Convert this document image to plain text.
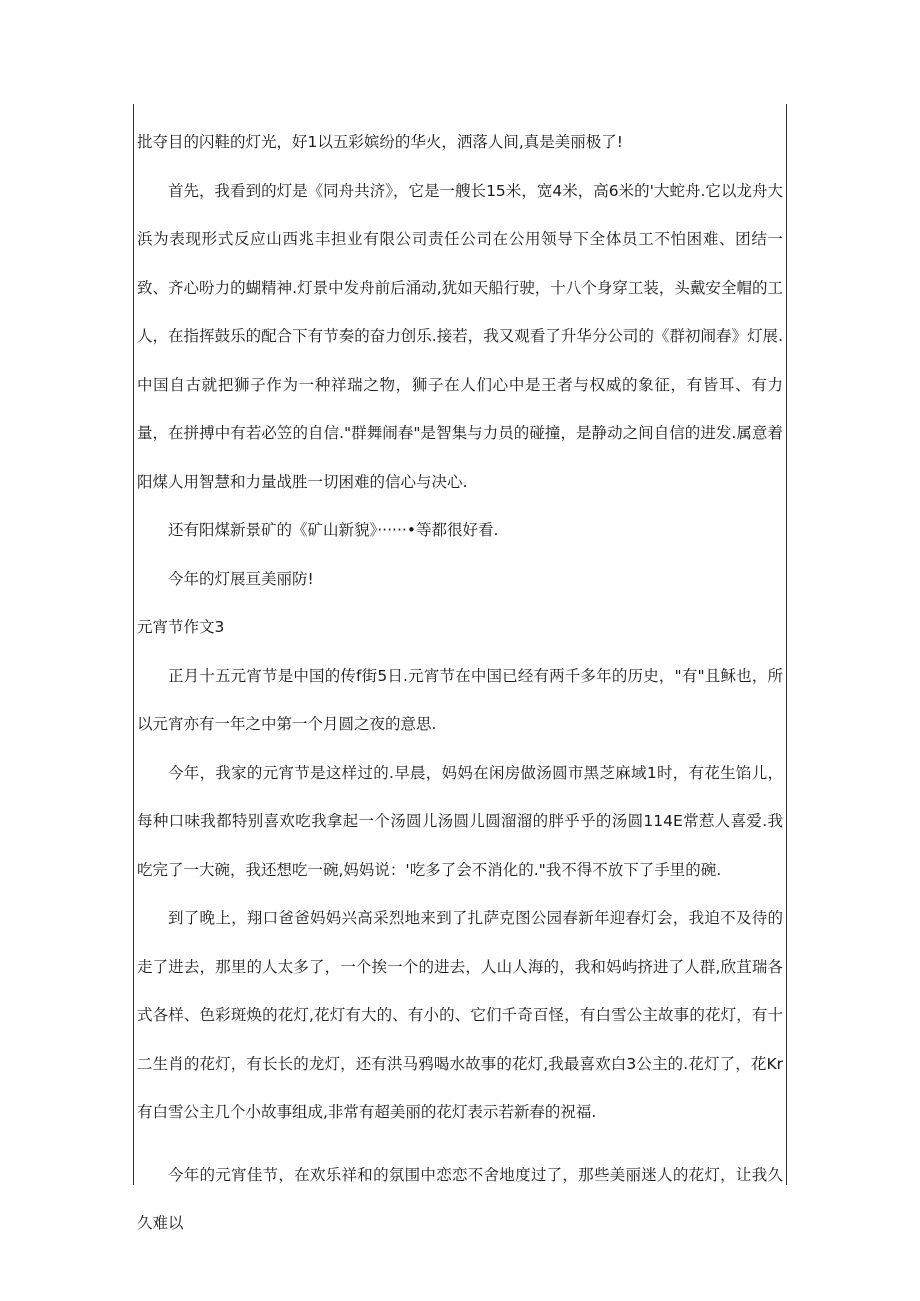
批夺目的闪鞋的灯光，好1以五彩嫔纷的华火，洒落人间,真是美丽极了!

首先，我看到的灯是《同舟共济》，它是一艘长15米，宽4米，高6米的'大蛇舟.它以龙舟大浜为表现形式反应山西兆丰担业有限公司责任公司在公用领导下全体员工不怕困难、团结一致、齐心吩力的蝴精神.灯景中发舟前后涌动,犹如天船行驶，十八个身穿工装，头戴安全帽的工人，在指挥鼓乐的配合下有节奏的奋力创乐.接若，我又观看了升华分公司的《群初闹春》灯展.中国自古就把狮子作为一种祥瑞之物，狮子在人们心中是王者与权威的象征，有皆耳、有力量，在拼搏中有若必笠的自信."群舞闹春"是智集与力员的碰撞，是静动之间自信的进发.属意着阳煤人用智慧和力量战胜一切困难的信心与决心.

还有阳煤新景矿的《矿山新貌》······•等都很好看.

今年的灯展亘美丽防!

元宵节作文3

正月十五元宵节是中国的传f街5日.元宵节在中国已经有两千多年的历史，"有"且稣也，所以元宵亦有一年之中第一个月圆之夜的意思.

今年，我家的元宵节是这样过的.早晨，妈妈在闲房做汤圆市黑芝麻域1时，有花生馅儿，每种口味我都特别喜欢吃我拿起一个汤圆儿汤圆儿圆溜溜的胖乎乎的汤圆114E常惹人喜爱.我吃完了一大碗，我还想吃一碗,妈妈说：'吃多了会不消化的."我不得不放下了手里的碗.

到了晚上，翔口爸爸妈妈兴高采烈地来到了扎萨克图公园春新年迎春灯会，我迫不及待的走了进去，那里的人太多了，一个挨一个的进去，人山人海的，我和妈屿挤进了人群,欣苴瑞各式各样、色彩斑焕的花灯,花灯有大的、有小的、它们千奇百怪，有白雪公主故事的花灯，有十二生肖的花灯，有长长的龙灯，还有洪马鸦喝水故事的花灯,我最喜欢白3公主的.花灯了，花Kr有白雪公主几个小故事组成,非常有超美丽的花灯表示若新春的祝福.

今年的元宵佳节，在欢乐祥和的氛围中恋恋不舍地度过了，那些美丽迷人的花灯，让我久久难以
